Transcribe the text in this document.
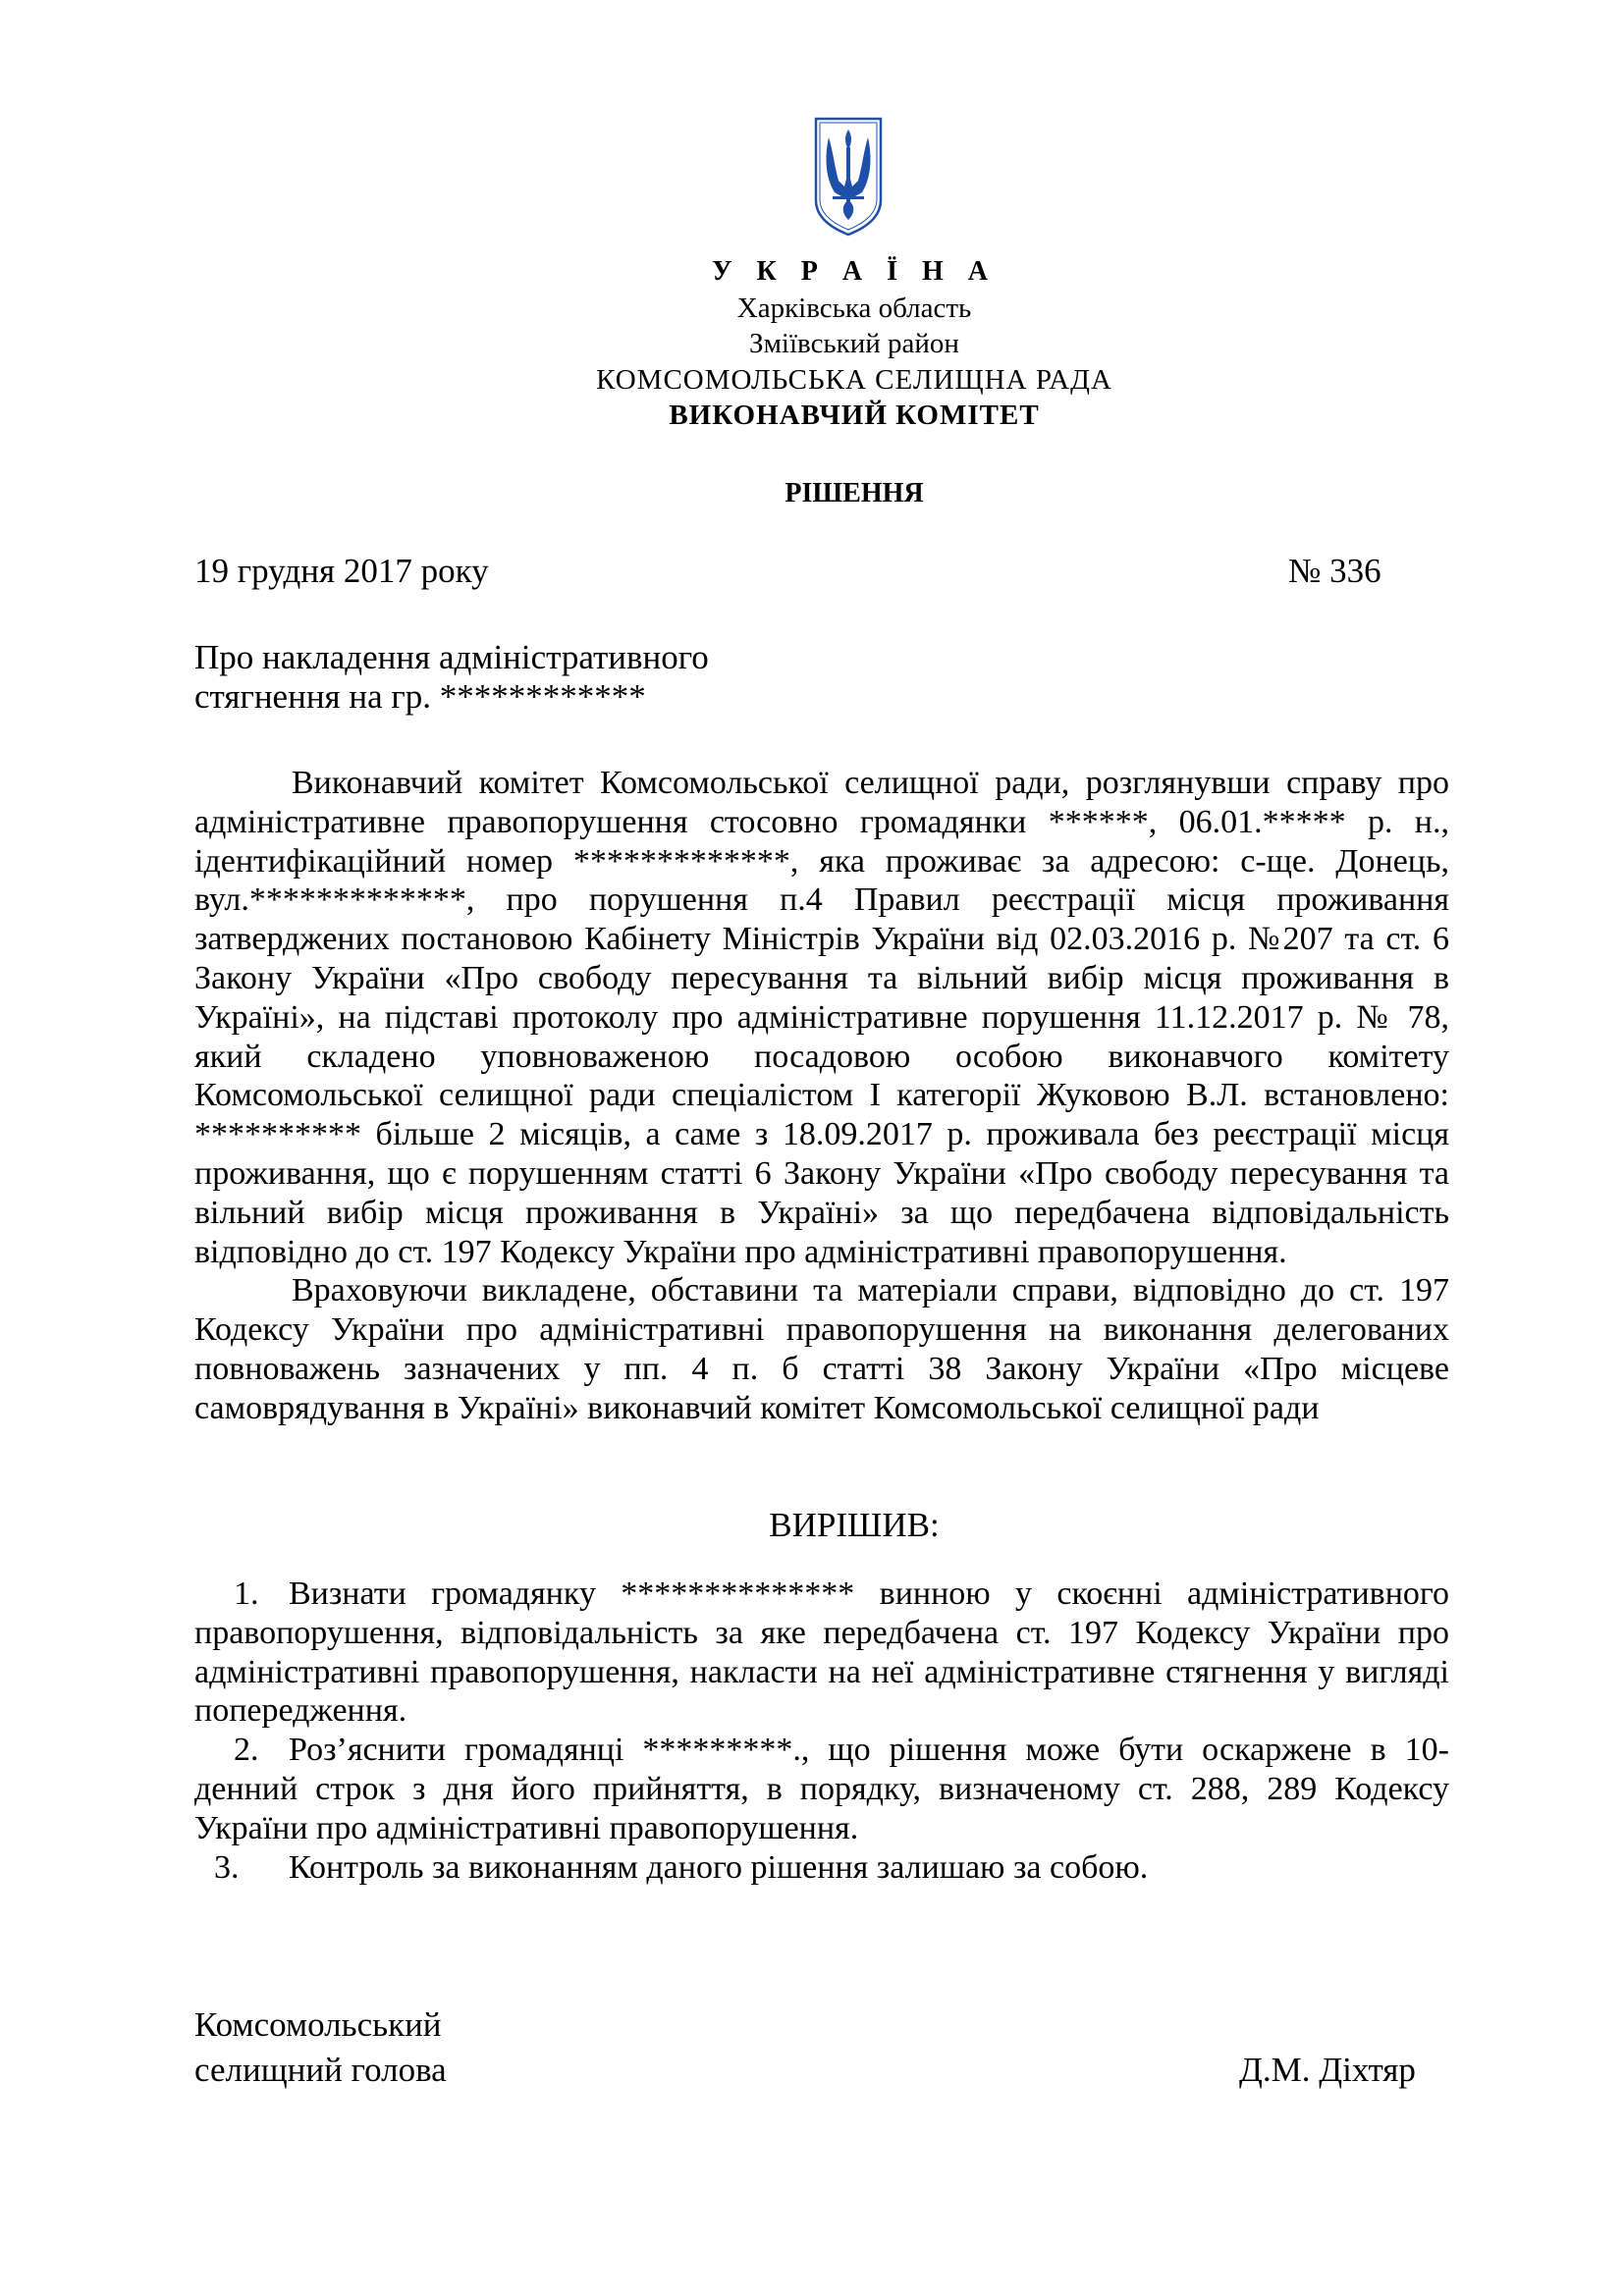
У К Р А Ї Н А
Харківська область
Зміївський район
КОМСОМОЛЬСЬКА СЕЛИЩНА РАДА
ВИКОНАВЧИЙ КОМІТЕТ
РІШЕННЯ
19 грудня 2017 року	№ 336
Про накладення адміністративного
стягнення на гр. ************

Виконавчий комітет Комсомольської селищної ради, розглянувши справу про адміністративне правопорушення стосовно громадянки ******, 06.01.***** р. н., ідентифікаційний номер *************, яка проживає за адресою: с-ще. Донець, вул.*************, про порушення п.4 Правил реєстрації місця проживання затверджених постановою Кабінету Міністрів України від 02.03.2016 р. №207 та ст. 6 Закону України «Про свободу пересування та вільний вибір місця проживання в Україні», на підставі протоколу про адміністративне порушення 11.12.2017 р. № 78, який складено уповноваженою посадовою особою виконавчого комітету Комсомольської селищної ради спеціалістом І категорії Жуковою В.Л. встановлено: ********** більше 2 місяців, а саме з 18.09.2017 р. проживала без реєстрації місця проживання, що є порушенням статті 6 Закону України «Про свободу пересування та вільний вибір місця проживання в Україні» за що передбачена відповідальність відповідно до ст. 197 Кодексу України про адміністративні правопорушення.

Враховуючи викладене, обставини та матеріали справи, відповідно до ст. 197 Кодексу України про адміністративні правопорушення на виконання делегованих повноважень зазначених у пп. 4 п. б статті 38 Закону України «Про місцеве самоврядування в Україні» виконавчий комітет Комсомольської селищної ради

ВИРІШИВ:

1. Визнати громадянку ************** винною у скоєнні адміністративного правопорушення, відповідальність за яке передбачена ст. 197 Кодексу України про адміністративні правопорушення, накласти на неї адміністративне стягнення у вигляді попередження.

2. Роз’яснити громадянці *********., що рішення може бути оскаржене в 10-денний строк з дня його прийняття, в порядку, визначеному ст. 288, 289 Кодексу України про адміністративні правопорушення.

3. Контроль за виконанням даного рішення залишаю за собою.

Комсомольський
селищний голова	Д.М. Діхтяр
